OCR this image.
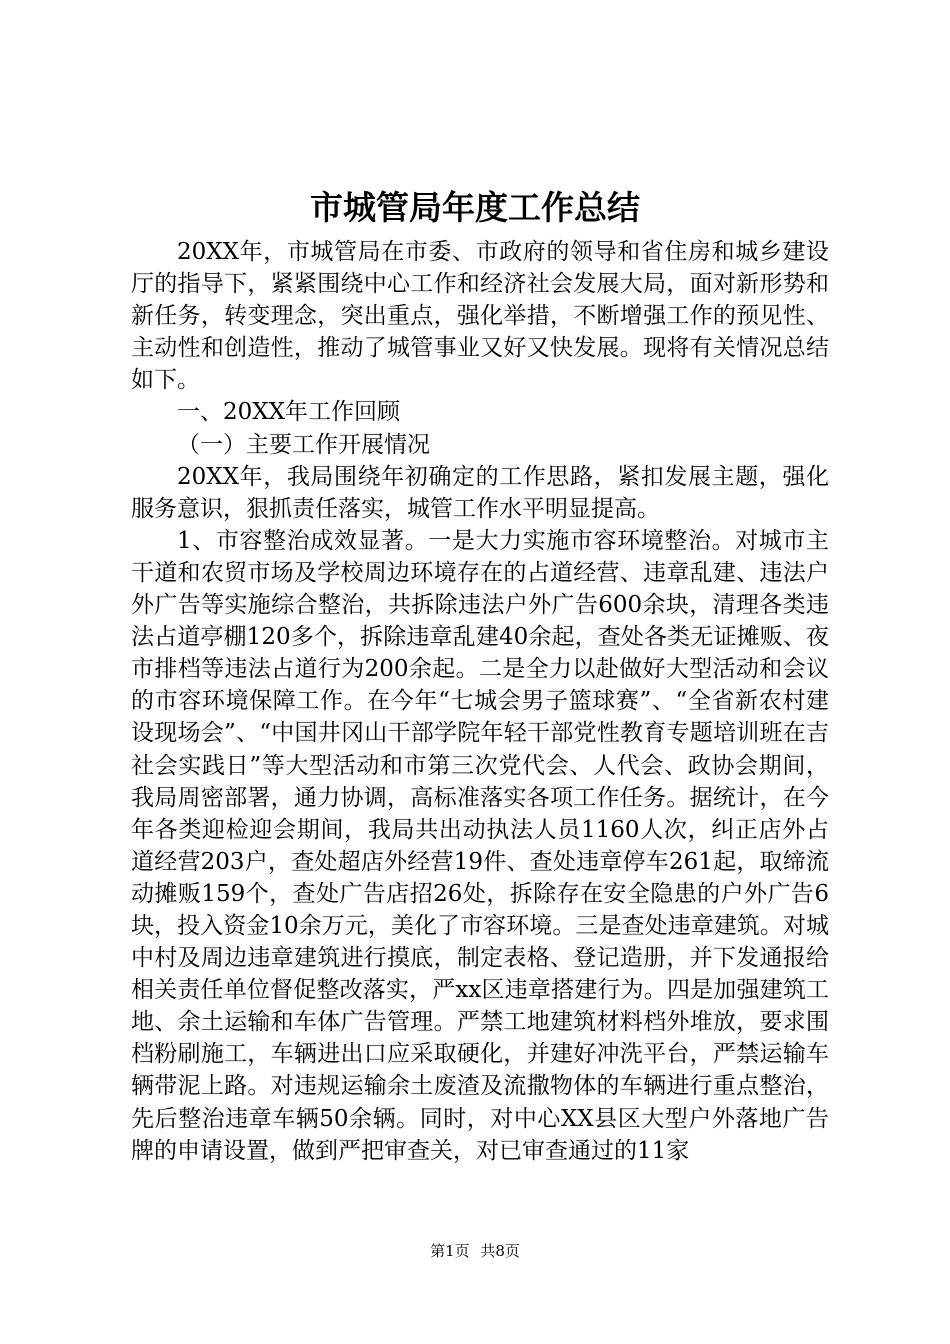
市城管局年度工作总结

20XX年，市城管局在市委、市政府的领导和省住房和城乡建设厅的指导下，紧紧围绕中心工作和经济社会发展大局，面对新形势和新任务，转变理念，突出重点，强化举措，不断增强工作的预见性、主动性和创造性，推动了城管事业又好又快发展。现将有关情况总结如下。

一、20XX年工作回顾

（一）主要工作开展情况

20XX年，我局围绕年初确定的工作思路，紧扣发展主题，强化服务意识，狠抓责任落实，城管工作水平明显提高。

1、市容整治成效显著。一是大力实施市容环境整治。对城市主干道和农贸市场及学校周边环境存在的占道经营、违章乱建、违法户外广告等实施综合整治，共拆除违法户外广告600余块，清理各类违法占道亭棚120多个，拆除违章乱建40余起，查处各类无证摊贩、夜市排档等违法占道行为200余起。二是全力以赴做好大型活动和会议的市容环境保障工作。在今年“七城会男子篮球赛”、“全省新农村建设现场会”、“中国井冈山干部学院年轻干部党性教育专题培训班在吉社会实践日”等大型活动和市第三次党代会、人代会、政协会期间，我局周密部署，通力协调，高标准落实各项工作任务。据统计，在今年各类迎检迎会期间，我局共出动执法人员1160人次，纠正店外占道经营203户，查处超店外经营19件、查处违章停车261起，取缔流动摊贩159个，查处广告店招26处，拆除存在安全隐患的户外广告6块，投入资金10余万元，美化了市容环境。三是查处违章建筑。对城中村及周边违章建筑进行摸底，制定表格、登记造册，并下发通报给相关责任单位督促整改落实，严xx区违章搭建行为。四是加强建筑工地、余土运输和车体广告管理。严禁工地建筑材料档外堆放，要求围档粉刷施工，车辆进出口应采取硬化，并建好冲洗平台，严禁运输车辆带泥上路。对违规运输余土废渣及流撒物体的车辆进行重点整治，先后整治违章车辆50余辆。同时，对中心XX县区大型户外落地广告牌的申请设置，做到严把审查关，对已审查通过的11家

第1页 共8页
